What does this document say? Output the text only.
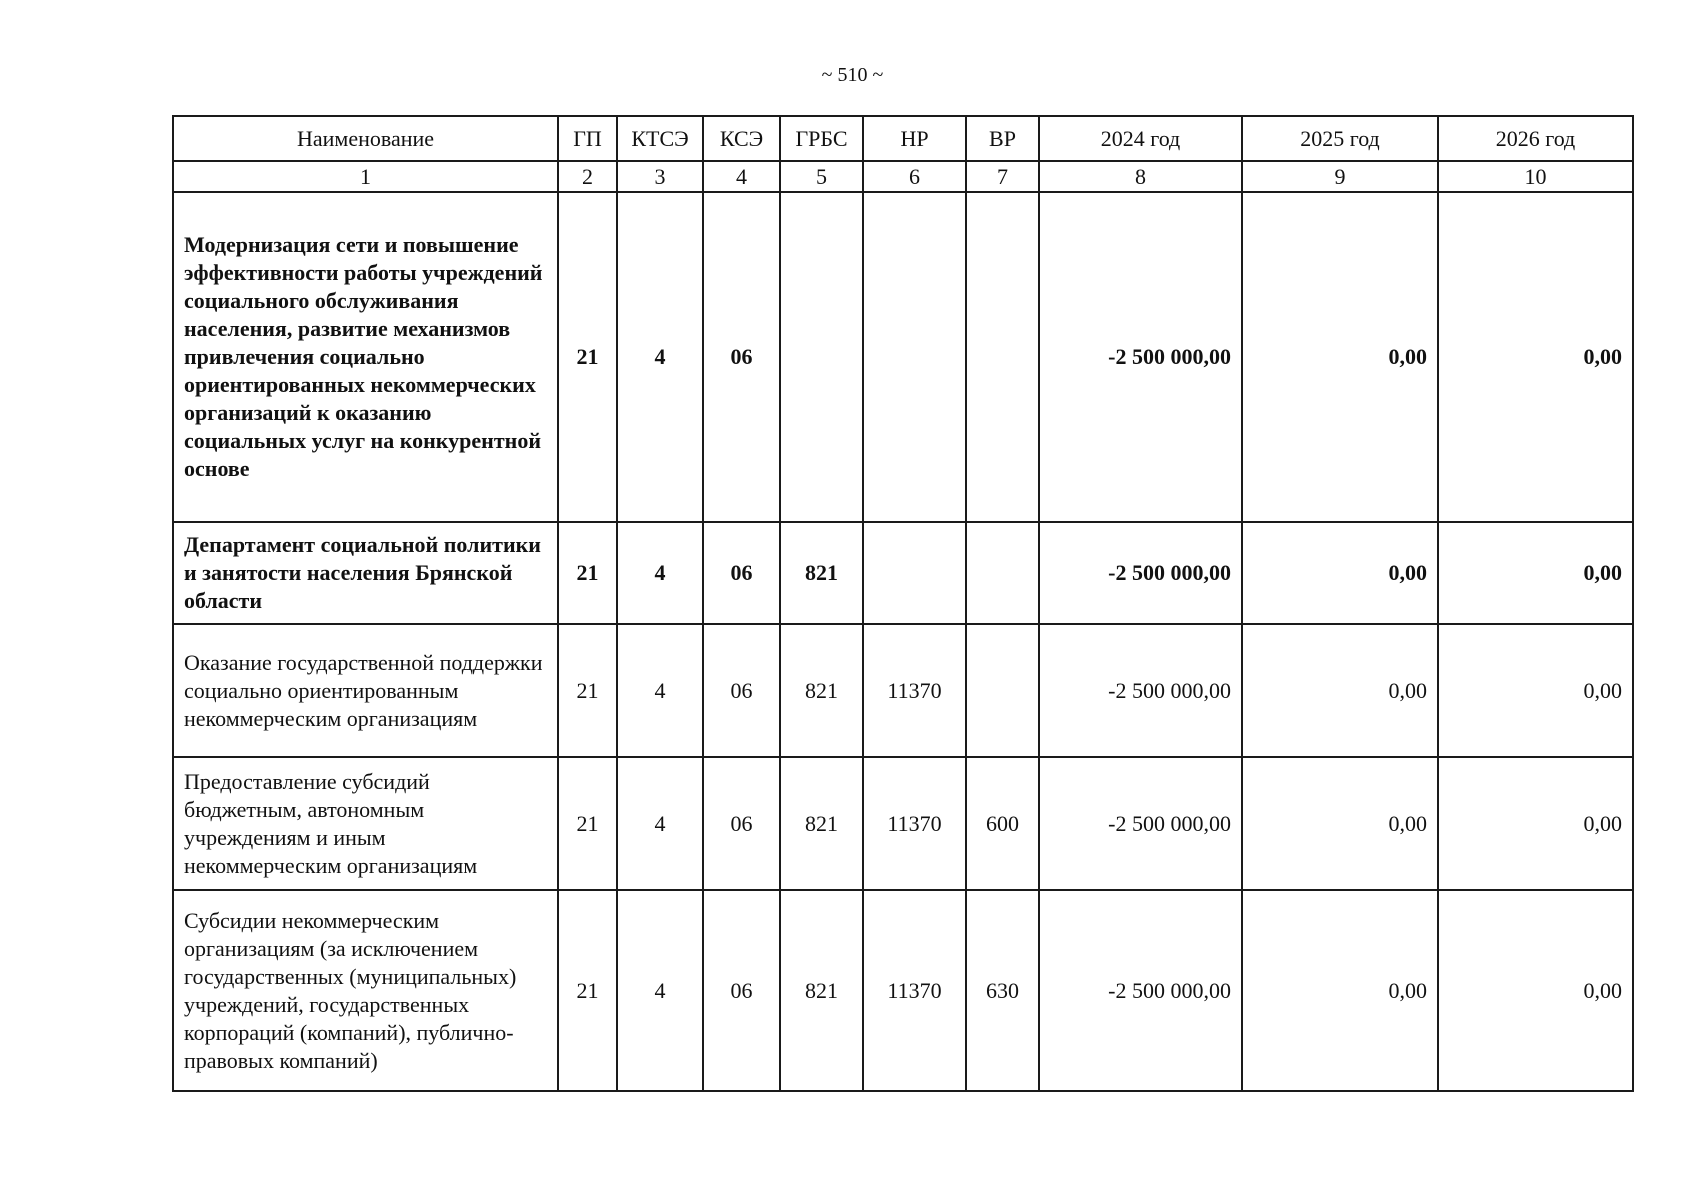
~ 510 ~
Наименование	ГП	КТСЭ	КСЭ	ГРБС	НР	ВР	2024 год	2025 год	2026 год
1	2	3	4	5	6	7	8	9	10
Модернизация сети и повышение эффективности работы учреждений социального обслуживания населения, развитие механизмов привлечения социально ориентированных некоммерческих организаций к оказанию социальных услуг на конкурентной основе	21	4	06				-2 500 000,00	0,00	0,00
Департамент социальной политики и занятости населения Брянской области	21	4	06	821			-2 500 000,00	0,00	0,00
Оказание государственной поддержки социально ориентированным некоммерческим организациям	21	4	06	821	11370		-2 500 000,00	0,00	0,00
Предоставление субсидий бюджетным, автономным учреждениям и иным некоммерческим организациям	21	4	06	821	11370	600	-2 500 000,00	0,00	0,00
Субсидии некоммерческим организациям (за исключением государственных (муниципальных) учреждений, государственных корпораций (компаний), публично-правовых компаний)	21	4	06	821	11370	630	-2 500 000,00	0,00	0,00
